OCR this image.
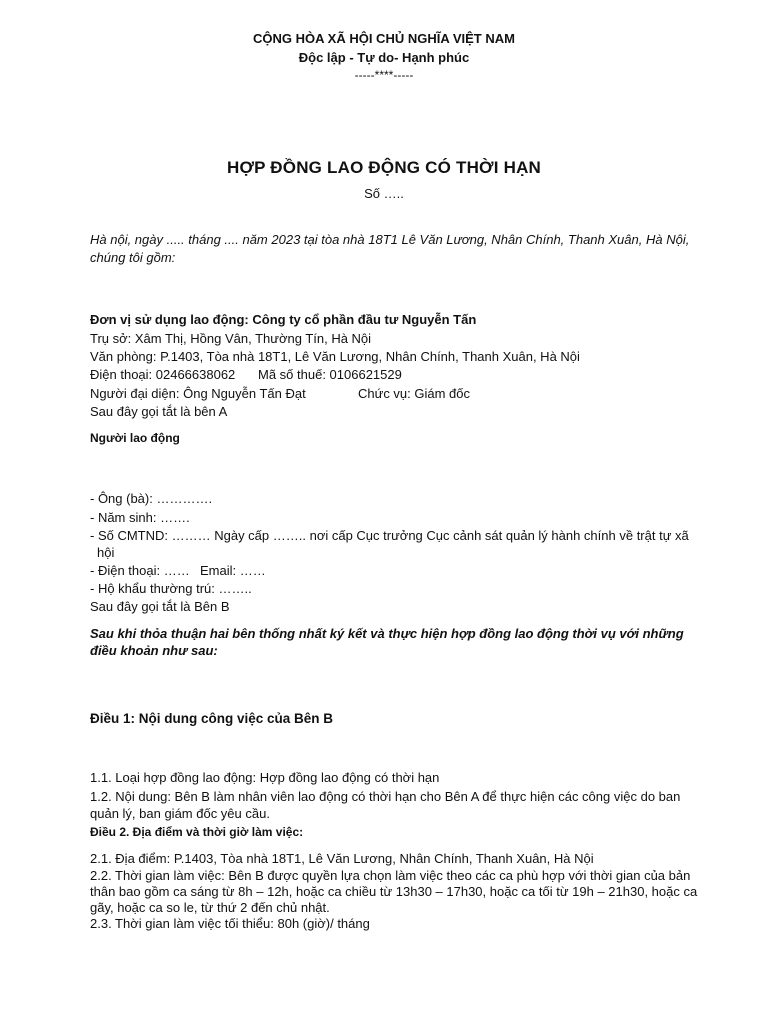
CỘNG HÒA XÃ HỘI CHỦ NGHĨA VIỆT NAM
Độc lập - Tự do- Hạnh phúc
-----****-----
HỢP ĐỒNG LAO ĐỘNG CÓ THỜI HẠN
Số …..
Hà nội, ngày ..... tháng .... năm 2023 tại tòa nhà 18T1 Lê Văn Lương, Nhân Chính, Thanh Xuân, Hà Nội,
chúng tôi gồm:
Đơn vị sử dụng lao động: Công ty cổ phần đầu tư Nguyễn Tấn
Trụ sở: Xâm Thị, Hồng Vân, Thường Tín, Hà Nội
Văn phòng: P.1403, Tòa nhà 18T1, Lê Văn Lương, Nhân Chính, Thanh Xuân, Hà Nội
Điện thoại: 02466638062 Mã số thuế: 0106621529
Người đại diện: Ông Nguyễn Tấn Đạt	Chức vụ: Giám đốc
Sau đây gọi tắt là bên A
Người lao động
- Ông (bà): ………….
- Năm sinh: …….
- Số CMTND: ……… Ngày cấp …….. nơi cấp Cục trưởng Cục cảnh sát quản lý hành chính về trật tự xã
hội
- Điện thoại: …… Email: ……
- Hộ khẩu thường trú: ……..
Sau đây gọi tắt là Bên B
Sau khi thỏa thuận hai bên thống nhất ký kết và thực hiện hợp đồng lao động thời vụ với những
điều khoản như sau:
Điều 1: Nội dung công việc của Bên B
1.1. Loại hợp đồng lao động: Hợp đồng lao động có thời hạn
1.2. Nội dung: Bên B làm nhân viên lao động có thời hạn cho Bên A để thực hiện các công việc do ban
quản lý, ban giám đốc yêu cầu.
Điều 2. Địa điểm và thời giờ làm việc:
2.1. Địa điểm: P.1403, Tòa nhà 18T1, Lê Văn Lương, Nhân Chính, Thanh Xuân, Hà Nội
2.2. Thời gian làm việc: Bên B được quyền lựa chọn làm việc theo các ca phù hợp với thời gian của bản
thân bao gồm ca sáng từ 8h – 12h, hoặc ca chiều từ 13h30 – 17h30, hoặc ca tối từ 19h – 21h30, hoặc ca
gãy, hoặc ca so le, từ thứ 2 đến chủ nhật.
2.3. Thời gian làm việc tối thiểu: 80h (giờ)/ tháng
